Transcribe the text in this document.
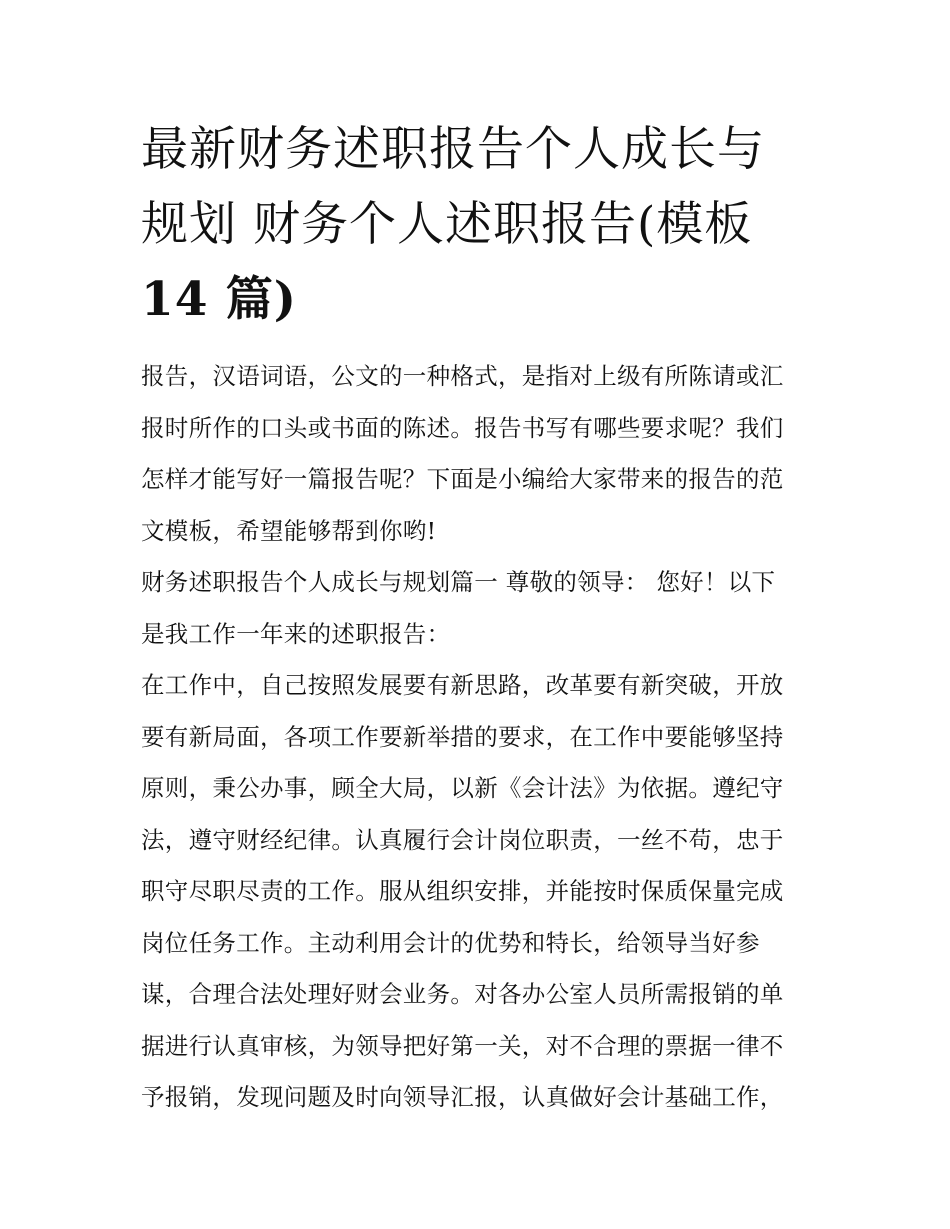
最新财务述职报告个人成长与
规划 财务个人述职报告(模板
14 篇)
报告，汉语词语，公文的一种格式，是指对上级有所陈请或汇
报时所作的口头或书面的陈述。报告书写有哪些要求呢？我们
怎样才能写好一篇报告呢？下面是小编给大家带来的报告的范
文模板，希望能够帮到你哟!
财务述职报告个人成长与规划篇一 尊敬的领导： 您好！以下
是我工作一年来的述职报告：
在工作中，自己按照发展要有新思路，改革要有新突破，开放
要有新局面，各项工作要新举措的要求，在工作中要能够坚持
原则，秉公办事，顾全大局，以新《会计法》为依据。遵纪守
法，遵守财经纪律。认真履行会计岗位职责，一丝不苟，忠于
职守尽职尽责的工作。服从组织安排，并能按时保质保量完成
岗位任务工作。主动利用会计的优势和特长，给领导当好参
谋，合理合法处理好财会业务。对各办公室人员所需报销的单
据进行认真审核，为领导把好第一关，对不合理的票据一律不
予报销，发现问题及时向领导汇报，认真做好会计基础工作，
